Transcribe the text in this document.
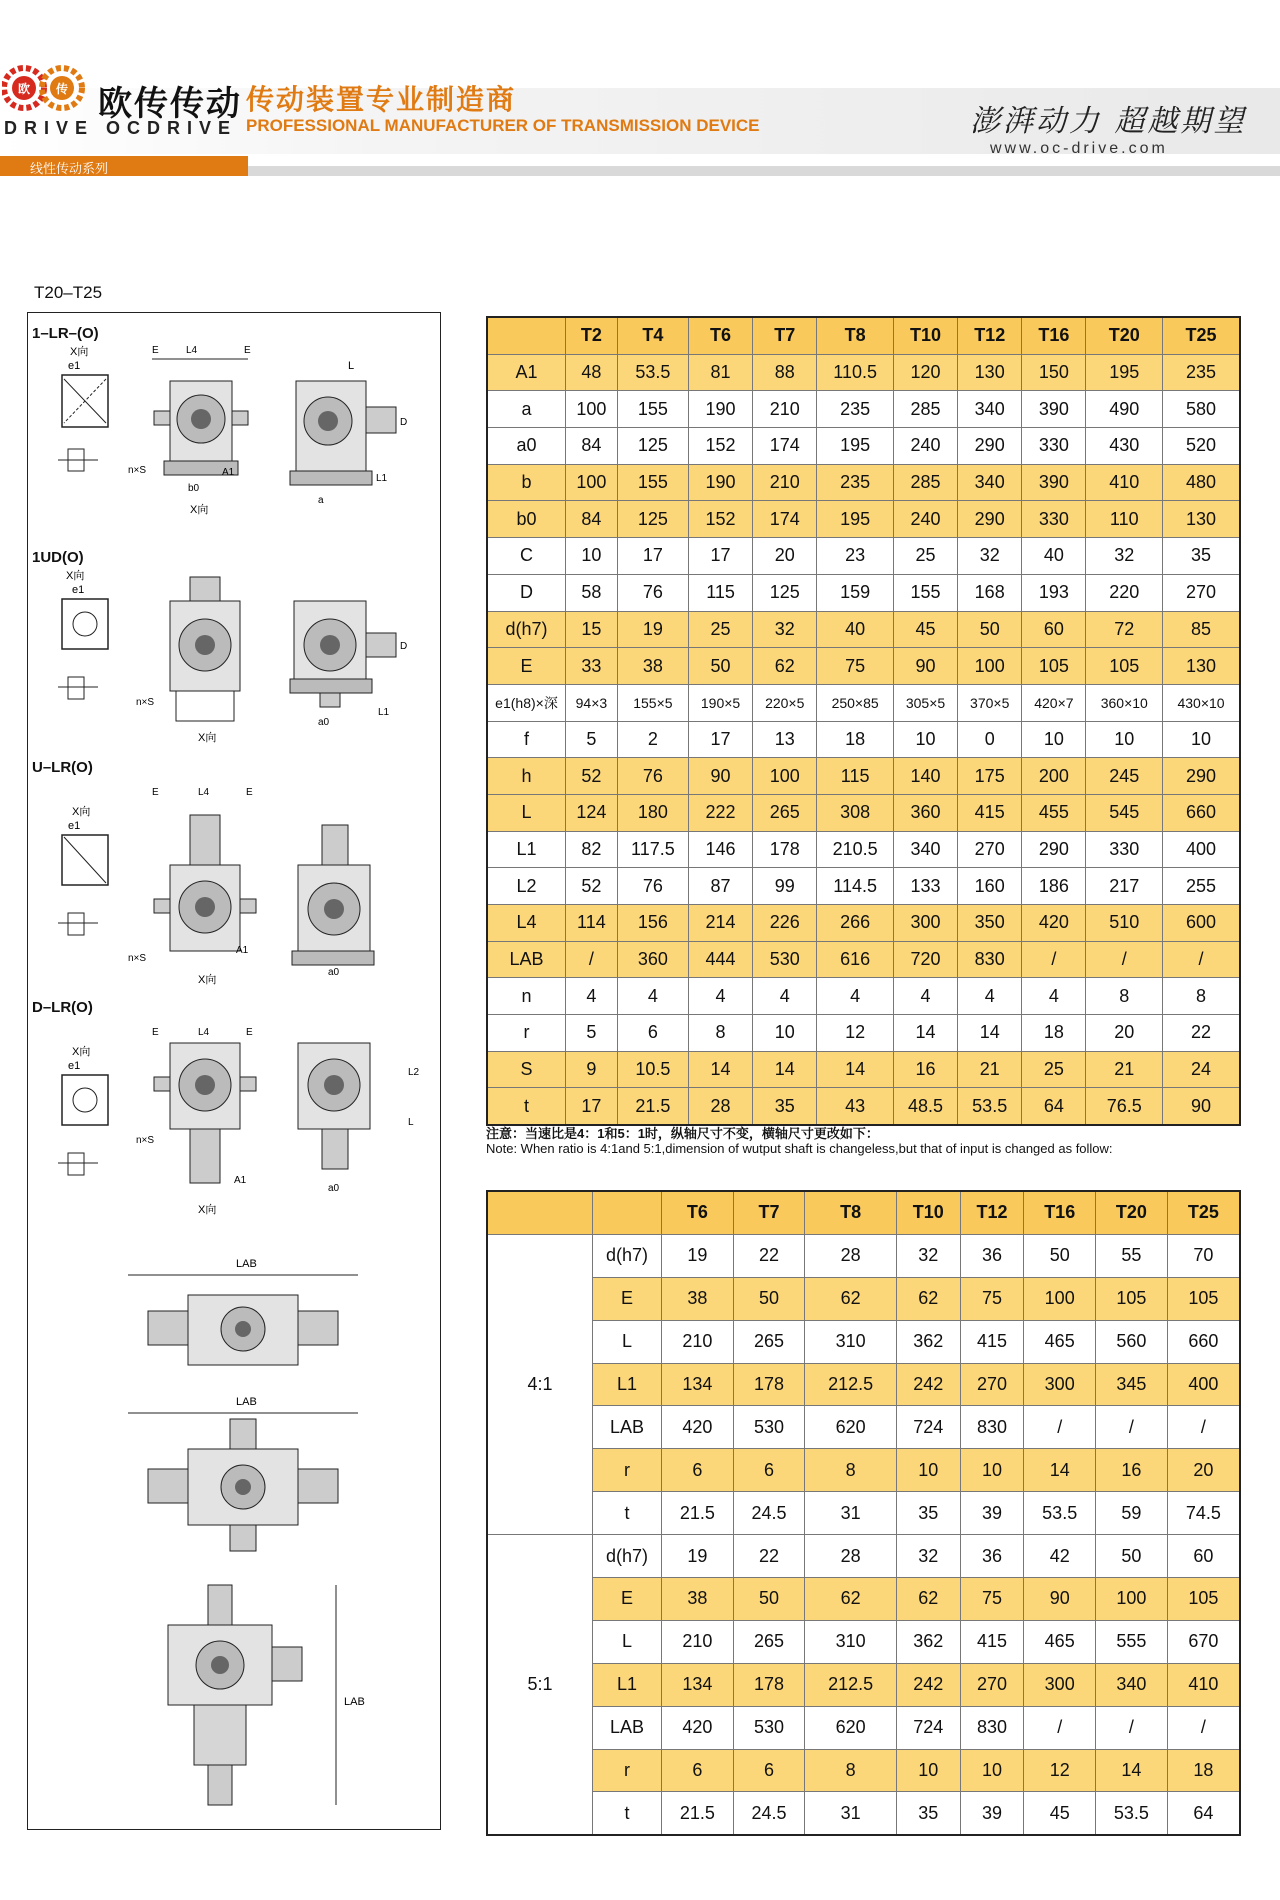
欧 传 欧传传动
DRIVE OCDRIVE
传动装置专业制造商
PROFESSIONAL MANUFACTURER OF TRANSMISSION DEVICE	澎湃动力 超越期望
www.oc-drive.com
线性传动系列
T20–T25
1–LR–(O)
X向
e1
E	L4	E
n×S
b0
A1
X向
L
D
L1
a
1UD(O)
X向
e1
n×S
X向
D
L1
a0
U–LR(O)
X向
e1
E	L4	E
n×S
A1
X向
a0
D–LR(O)
X向
e1
E	L4	E
n×S
A1
X向
L2
L
a0
LAB
LAB
LAB
	T2	T4	T6	T7	T8	T10	T12	T16	T20	T25
A1	48	53.5	81	88	110.5	120	130	150	195	235
a	100	155	190	210	235	285	340	390	490	580
a0	84	125	152	174	195	240	290	330	430	520
b	100	155	190	210	235	285	340	390	410	480
b0	84	125	152	174	195	240	290	330	110	130
C	10	17	17	20	23	25	32	40	32	35
D	58	76	115	125	159	155	168	193	220	270
d(h7)	15	19	25	32	40	45	50	60	72	85
E	33	38	50	62	75	90	100	105	105	130
e1(h8)×深	94×3	155×5	190×5	220×5	250×85	305×5	370×5	420×7	360×10	430×10
f	5	2	17	13	18	10	0	10	10	10
h	52	76	90	100	115	140	175	200	245	290
L	124	180	222	265	308	360	415	455	545	660
L1	82	117.5	146	178	210.5	340	270	290	330	400
L2	52	76	87	99	114.5	133	160	186	217	255
L4	114	156	214	226	266	300	350	420	510	600
LAB	/	360	444	530	616	720	830	/	/	/
n	4	4	4	4	4	4	4	4	8	8
r	5	6	8	10	12	14	14	18	20	22
S	9	10.5	14	14	14	16	21	25	21	24
t	17	21.5	28	35	43	48.5	53.5	64	76.5	90
注意：当速比是4：1和5：1时，纵轴尺寸不变，横轴尺寸更改如下：
Note: When ratio is 4:1and 5:1,dimension of wutput shaft is changeless,but that of input is changed as follow:
		T6	T7	T8	T10	T12	T16	T20	T25
4:1	d(h7)	19	22	28	32	36	50	55	70
	E	38	50	62	62	75	100	105	105
	L	210	265	310	362	415	465	560	660
	L1	134	178	212.5	242	270	300	345	400
	LAB	420	530	620	724	830	/	/	/
	r	6	6	8	10	10	14	16	20
	t	21.5	24.5	31	35	39	53.5	59	74.5
5:1	d(h7)	19	22	28	32	36	42	50	60
	E	38	50	62	62	75	90	100	105
	L	210	265	310	362	415	465	555	670
	L1	134	178	212.5	242	270	300	340	410
	LAB	420	530	620	724	830	/	/	/
	r	6	6	8	10	10	12	14	18
	t	21.5	24.5	31	35	39	45	53.5	64
